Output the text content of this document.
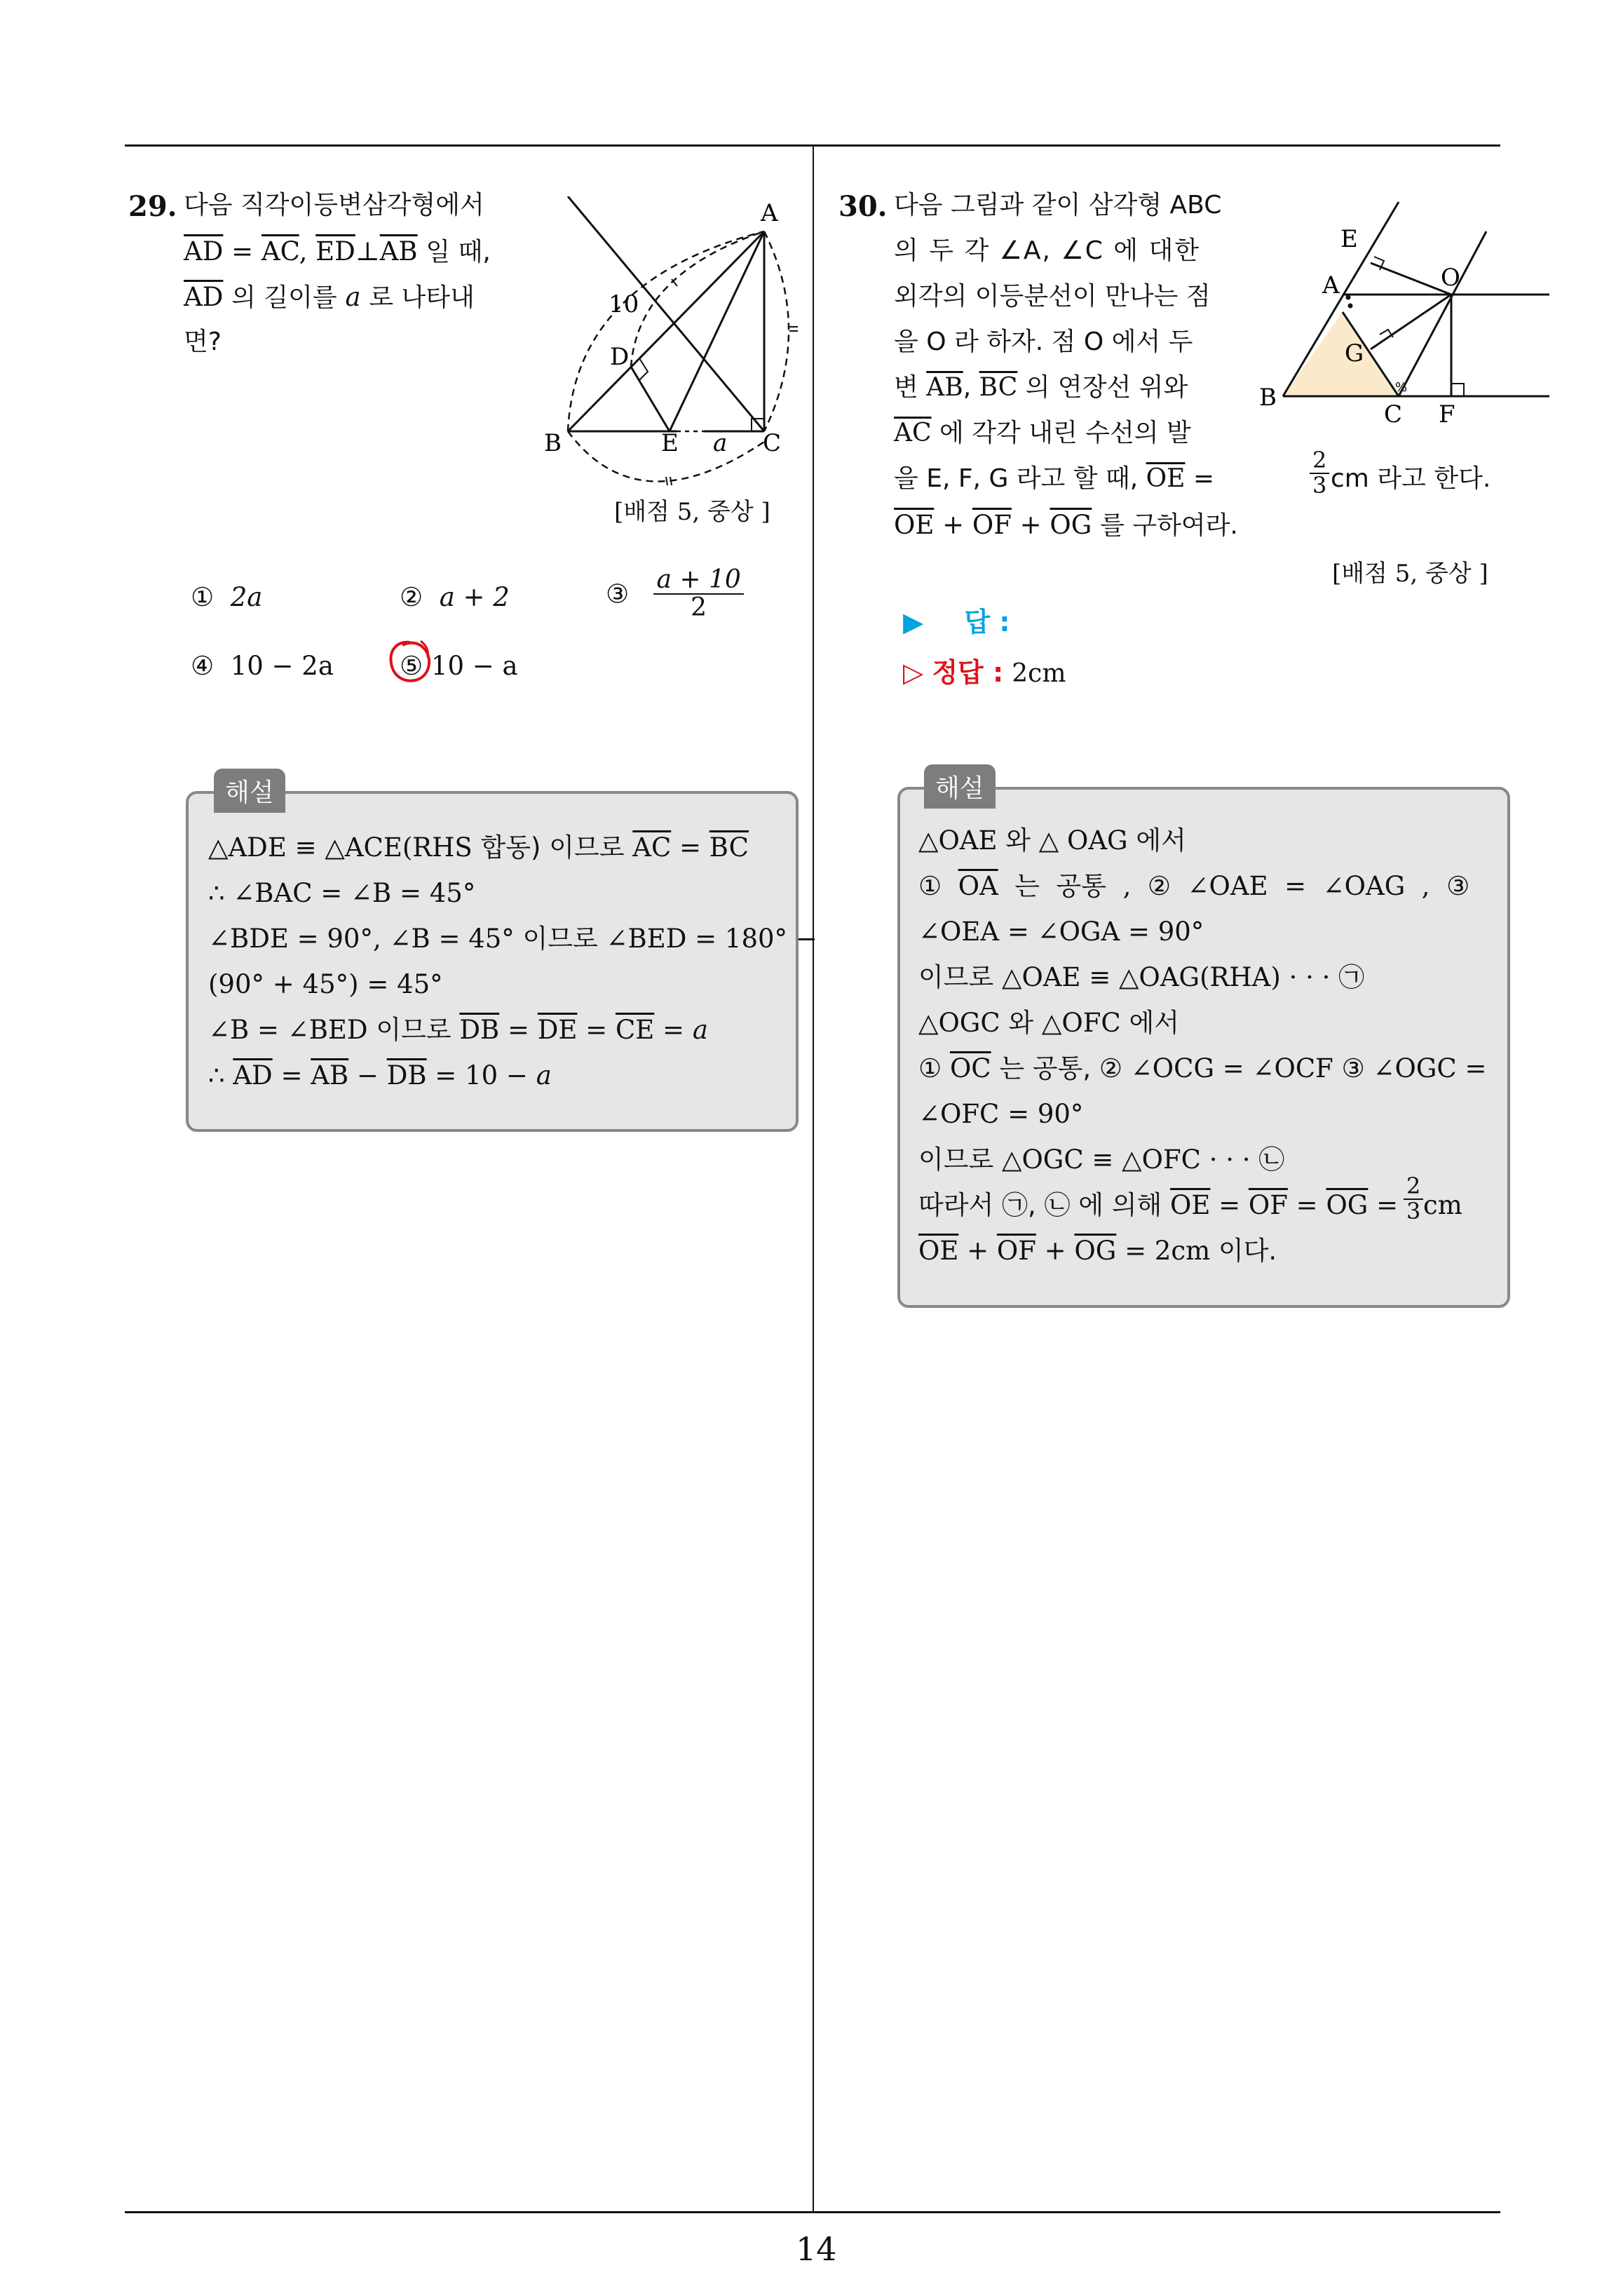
14
29. 다음 직각이등변삼각형에서
$\overline{AD} = \overline{AC}$, $\overline{ED}\perp\overline{AB}$ 일 때,
$\overline{AD}$ 의 길이를 a 로 나타내
면?
A
B	C
D
E
10
a
[배점 5, 중상 ]
① 2a	② a + 2	③ $\frac{a + 10}{2}$
④ 10 − 2a	⑤ 10 − a
해설
△ADE ≡ △ACE(RHS 합동) 이므로 $\overline{AC} = \overline{BC}$
∴ ∠BAC = ∠B = 45°
∠BDE = 90°, ∠B = 45° 이므로 ∠BED = 180° −
(90° + 45°) = 45°
∠B = ∠BED 이므로 $\overline{DB} = \overline{DE} = \overline{CE} = a$
∴ $\overline{AD} = \overline{AB} - \overline{DB} = 10 - a$
30. 다음 그림과 같이 삼각형 ABC
의 두 각 ∠A, ∠C 에 대한
외각의 이등분선이 만나는 점
을 O 라 하자. 점 O 에서 두
변 $\overline{AB}$, $\overline{BC}$ 의 연장선 위와
$\overline{AC}$ 에 각각 내린 수선의 발
을 E, F, G 라고 할 때, $\overline{OE}$ =	$\frac{2}{3}$ cm 라고 한다.
$\overline{OE} + \overline{OF} + \overline{OG}$ 를 구하여라.
[배점 5, 중상 ]
%
E
A	O
G
B
C F
▶ 답 :
▷ 정답 : 2cm
해설
△OAE 와 △ OAG 에서
①  $\overline{OA}$ 는  공통  ,  ②  ∠OAE  =  ∠OAG  ,  ③
∠OEA = ∠OGA = 90°
이므로 △OAE ≡ △OAG(RHA) · · · ㉠
△OGC 와 △OFC 에서
① $\overline{OC}$ 는 공통, ② ∠OCG = ∠OCF ③ ∠OGC =
∠OFC = 90°
이므로 △OGC ≡ △OFC · · · ㉡
따라서 ㉠, ㉡ 에 의해 $\overline{OE} = \overline{OF} = \overline{OG} = \frac{2}{3}$ cm
$\overline{OE} + \overline{OF} + \overline{OG} = 2cm$ 이다.
